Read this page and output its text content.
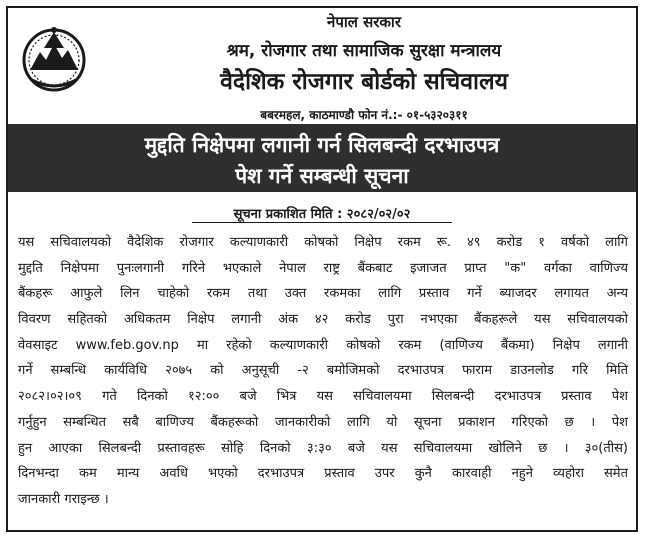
नेपाल सरकार
श्रम, रोजगार तथा सामाजिक सुरक्षा मन्त्रालय
वैदेशिक रोजगार बोर्डको सचिवालय
बबरमहल, काठमाण्डौ फोन नं.:- ०१-५३२०३११
मुद्दति निक्षेपमा लगानी गर्न सिलबन्दी दरभाउपत्र
पेश गर्ने सम्बन्धी सूचना
सूचना प्रकाशित मिति : २०८२/०२/०२
यस सचिवालयको वैदेशिक रोजगार कल्याणकारी कोषको निक्षेप रकम रू. ४९ करोड १ वर्षको लागि
मुद्दति निक्षेपमा पुनःलगानी गरिने भएकाले नेपाल राष्ट्र बैंकबाट इजाजत प्राप्त "क" वर्गका वाणिज्य
बैंकहरू आफुले लिन चाहेको रकम तथा उक्त रकमका लागि प्रस्ताव गर्ने ब्याजदर लगायत अन्य
विवरण सहितको अधिकतम निक्षेप लगानी अंक ४२ करोड पुरा नभएका बैंकहरूले यस सचिवालयको
वेवसाइट www.feb.gov.np मा रहेको कल्याणकारी कोषको रकम (वाणिज्य बैंकमा) निक्षेप लगानी
गर्ने सम्बन्धि कार्यविधि २०७५ को अनुसूची -२ बमोजिमको दरभाउपत्र फाराम डाउनलोड गरि मिति
२०८२।०२।०९ गते दिनको १२:०० बजे भित्र यस सचिवालयमा सिलबन्दी दरभाउपत्र प्रस्ताव पेश
गर्नुहुन सम्बन्धित सबै बाणिज्य बैंकहरूको जानकारीको लागि यो सूचना प्रकाशन गरिएको छ । पेश
हुन आएका सिलबन्दी प्रस्तावहरू सोहि दिनको ३:३० बजे यस सचिवालयमा खोलिने छ । ३०(तीस)
दिनभन्दा कम मान्य अवधि भएको दरभाउपत्र प्रस्ताव उपर कुनै कारवाही नहुने व्यहोरा समेत
जानकारी गराइन्छ ।
